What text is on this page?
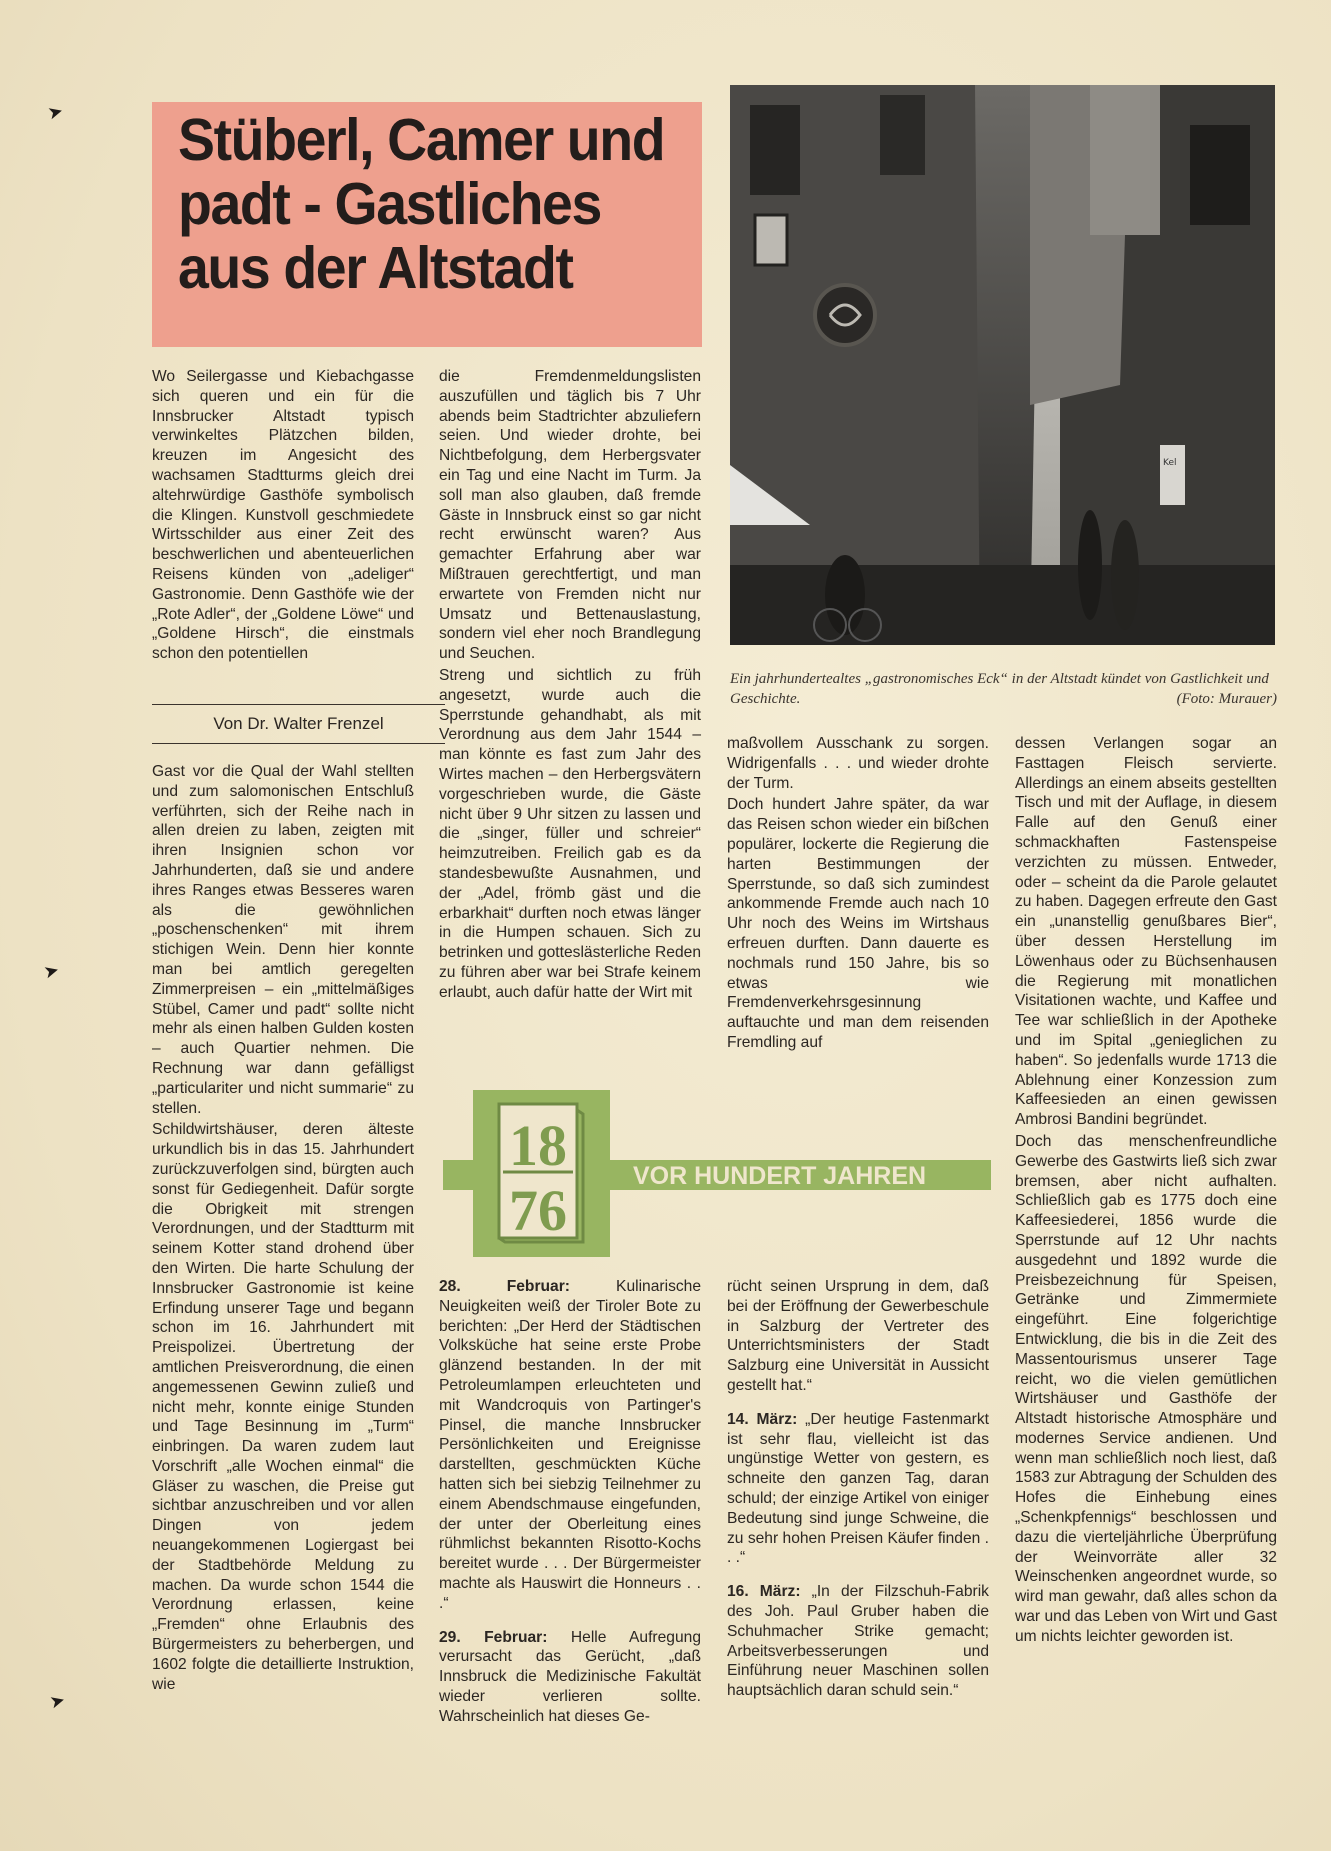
Stüberl, Camer und padt - Gastliches aus der Altstadt

Wo Seilergasse und Kiebachgasse sich queren und ein für die Innsbrucker Altstadt typisch verwinkeltes Plätzchen bilden, kreuzen im Angesicht des wachsamen Stadtturms gleich drei altehrwürdige Gasthöfe symbolisch die Klingen. Kunstvoll geschmiedete Wirtsschilder aus einer Zeit des beschwerlichen und abenteuerlichen Reisens künden von „adeliger“ Gastronomie. Denn Gasthöfe wie der „Rote Adler“, der „Goldene Löwe“ und „Goldene Hirsch“, die einstmals schon den potentiellen

Von Dr. Walter Frenzel

Gast vor die Qual der Wahl stellten und zum salomonischen Entschluß verführten, sich der Reihe nach in allen dreien zu laben, zeigten mit ihren Insignien schon vor Jahrhunderten, daß sie und andere ihres Ranges etwas Besseres waren als die gewöhnlichen „poschenschenken“ mit ihrem stichigen Wein. Denn hier konnte man bei amtlich geregelten Zimmerpreisen – ein „mittelmäßiges Stübel, Camer und padt“ sollte nicht mehr als einen halben Gulden kosten – auch Quartier nehmen. Die Rechnung war dann gefälligst „particulariter und nicht summarie“ zu stellen.

Schildwirtshäuser, deren älteste urkundlich bis in das 15. Jahrhundert zurückzuverfolgen sind, bürgten auch sonst für Gediegenheit. Dafür sorgte die Obrigkeit mit strengen Verordnungen, und der Stadtturm mit seinem Kotter stand drohend über den Wirten. Die harte Schulung der Innsbrucker Gastronomie ist keine Erfindung unserer Tage und begann schon im 16. Jahrhundert mit Preispolizei. Übertretung der amtlichen Preisverordnung, die einen angemessenen Gewinn zuließ und nicht mehr, konnte einige Stunden und Tage Besinnung im „Turm“ einbringen. Da waren zudem laut Vorschrift „alle Wochen einmal“ die Gläser zu waschen, die Preise gut sichtbar anzuschreiben und vor allen Dingen von jedem neuangekommenen Logiergast bei der Stadtbehörde Meldung zu machen. Da wurde schon 1544 die Verordnung erlassen, keine „Fremden“ ohne Erlaubnis des Bürgermeisters zu beherbergen, und 1602 folgte die detaillierte Instruktion, wie

die Fremdenmeldungslisten auszufüllen und täglich bis 7 Uhr abends beim Stadtrichter abzuliefern seien. Und wieder drohte, bei Nichtbefolgung, dem Herbergsvater ein Tag und eine Nacht im Turm. Ja soll man also glauben, daß fremde Gäste in Innsbruck einst so gar nicht recht erwünscht waren? Aus gemachter Erfahrung aber war Mißtrauen gerechtfertigt, und man erwartete von Fremden nicht nur Umsatz und Bettenauslastung, sondern viel eher noch Brandlegung und Seuchen.

Streng und sichtlich zu früh angesetzt, wurde auch die Sperrstunde gehandhabt, als mit Verordnung aus dem Jahr 1544 – man könnte es fast zum Jahr des Wirtes machen – den Herbergsvätern vorgeschrieben wurde, die Gäste nicht über 9 Uhr sitzen zu lassen und die „singer, füller und schreier“ heimzutreiben. Freilich gab es da standesbewußte Ausnahmen, und der „Adel, frömb gäst und die erbarkhait“ durften noch etwas länger in die Humpen schauen. Sich zu betrinken und gotteslästerliche Reden zu führen aber war bei Strafe keinem erlaubt, auch dafür hatte der Wirt mit

maßvollem Ausschank zu sorgen. Widrigenfalls . . . und wieder drohte der Turm.

Doch hundert Jahre später, da war das Reisen schon wieder ein bißchen populärer, lockerte die Regierung die harten Bestimmungen der Sperrstunde, so daß sich zumindest ankommende Fremde auch nach 10 Uhr noch des Weins im Wirtshaus erfreuen durften. Dann dauerte es nochmals rund 150 Jahre, bis so etwas wie Fremdenverkehrsgesinnung auftauchte und man dem reisenden Fremdling auf

dessen Verlangen sogar an Fasttagen Fleisch servierte. Allerdings an einem abseits gestellten Tisch und mit der Auflage, in diesem Falle auf den Genuß einer schmackhaften Fastenspeise verzichten zu müssen. Entweder, oder – scheint da die Parole gelautet zu haben. Dagegen erfreute den Gast ein „unanstellig genußbares Bier“, über dessen Herstellung im Löwenhaus oder zu Büchsenhausen die Regierung mit monatlichen Visitationen wachte, und Kaffee und Tee war schließlich in der Apotheke und im Spital „genieglichen zu haben“. So jedenfalls wurde 1713 die Ablehnung einer Konzession zum Kaffeesieden an einen gewissen Ambrosi Bandini begründet.

Doch das menschenfreundliche Gewerbe des Gastwirts ließ sich zwar bremsen, aber nicht aufhalten. Schließlich gab es 1775 doch eine Kaffeesiederei, 1856 wurde die Sperrstunde auf 12 Uhr nachts ausgedehnt und 1892 wurde die Preisbezeichnung für Speisen, Getränke und Zimmermiete eingeführt. Eine folgerichtige Entwicklung, die bis in die Zeit des Massentourismus unserer Tage reicht, wo die vielen gemütlichen Wirtshäuser und Gasthöfe der Altstadt historische Atmosphäre und modernes Service andienen. Und wenn man schließlich noch liest, daß 1583 zur Abtragung der Schulden des Hofes die Einhebung eines „Schenkpfennigs“ beschlossen und dazu die vierteljährliche Überprüfung der Weinvorräte aller 32 Weinschenken angeordnet wurde, so wird man gewahr, daß alles schon da war und das Leben von Wirt und Gast um nichts leichter geworden ist.

Kel

Ein jahrhundertealtes „gastronomisches Eck“ in der Altstadt kündet von Gastlichkeit und Geschichte.	(Foto: Murauer)

18
76
VOR HUNDERT JAHREN

28. Februar: Kulinarische Neuigkeiten weiß der Tiroler Bote zu berichten: „Der Herd der Städtischen Volksküche hat seine erste Probe glänzend bestanden. In der mit Petroleumlampen erleuchteten und mit Wandcroquis von Partinger's Pinsel, die manche Innsbrucker Persönlichkeiten und Ereignisse darstellten, geschmückten Küche hatten sich bei siebzig Teilnehmer zu einem Abendschmause eingefunden, der unter der Oberleitung eines rühmlichst bekannten Risotto-Kochs bereitet wurde . . . Der Bürgermeister machte als Hauswirt die Honneurs . . .“

29. Februar: Helle Aufregung verursacht das Gerücht, „daß Innsbruck die Medizinische Fakultät wieder verlieren sollte. Wahrscheinlich hat dieses Ge-

rücht seinen Ursprung in dem, daß bei der Eröffnung der Gewerbeschule in Salzburg der Vertreter des Unterrichtsministers der Stadt Salzburg eine Universität in Aussicht gestellt hat.“

14. März: „Der heutige Fastenmarkt ist sehr flau, vielleicht ist das ungünstige Wetter von gestern, es schneite den ganzen Tag, daran schuld; der einzige Artikel von einiger Bedeutung sind junge Schweine, die zu sehr hohen Preisen Käufer finden . . .“

16. März: „In der Filzschuh-Fabrik des Joh. Paul Gruber haben die Schuhmacher Strike gemacht; Arbeitsverbesserungen und Einführung neuer Maschinen sollen hauptsächlich daran schuld sein.“

➤
➤
➤
